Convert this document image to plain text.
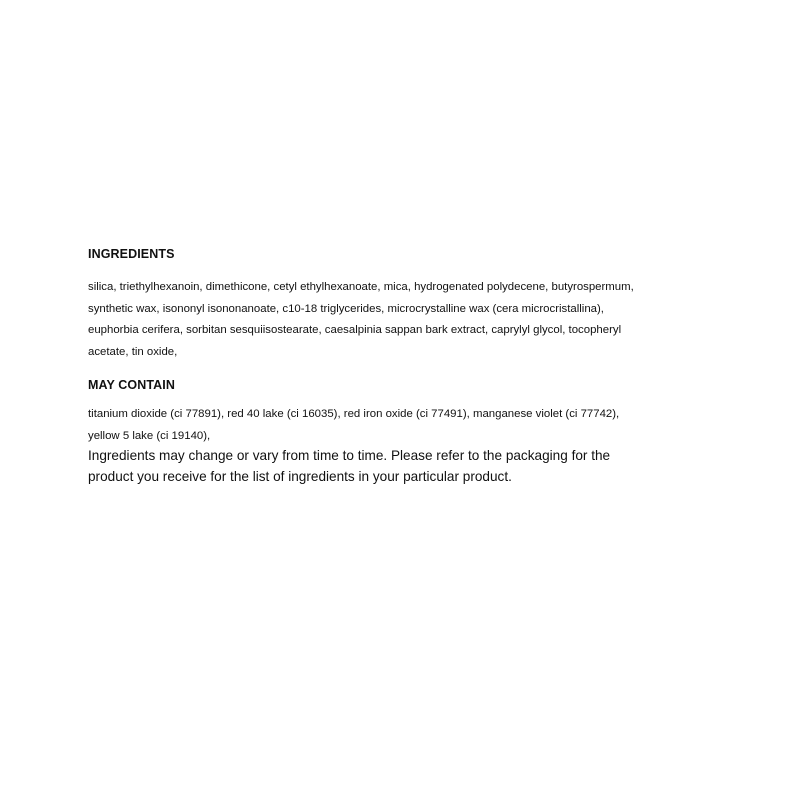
INGREDIENTS

silica, triethylhexanoin, dimethicone, cetyl ethylhexanoate, mica, hydrogenated polydecene, butyrospermum, synthetic wax, isononyl isononanoate, c10-18 triglycerides, microcrystalline wax (cera microcristallina), euphorbia cerifera, sorbitan sesquiisostearate, caesalpinia sappan bark extract, caprylyl glycol, tocopheryl acetate, tin oxide,

MAY CONTAIN

titanium dioxide (ci 77891), red 40 lake (ci 16035), red iron oxide (ci 77491), manganese violet (ci 77742), yellow 5 lake (ci 19140),

Ingredients may change or vary from time to time. Please refer to the packaging for the product you receive for the list of ingredients in your particular product.
